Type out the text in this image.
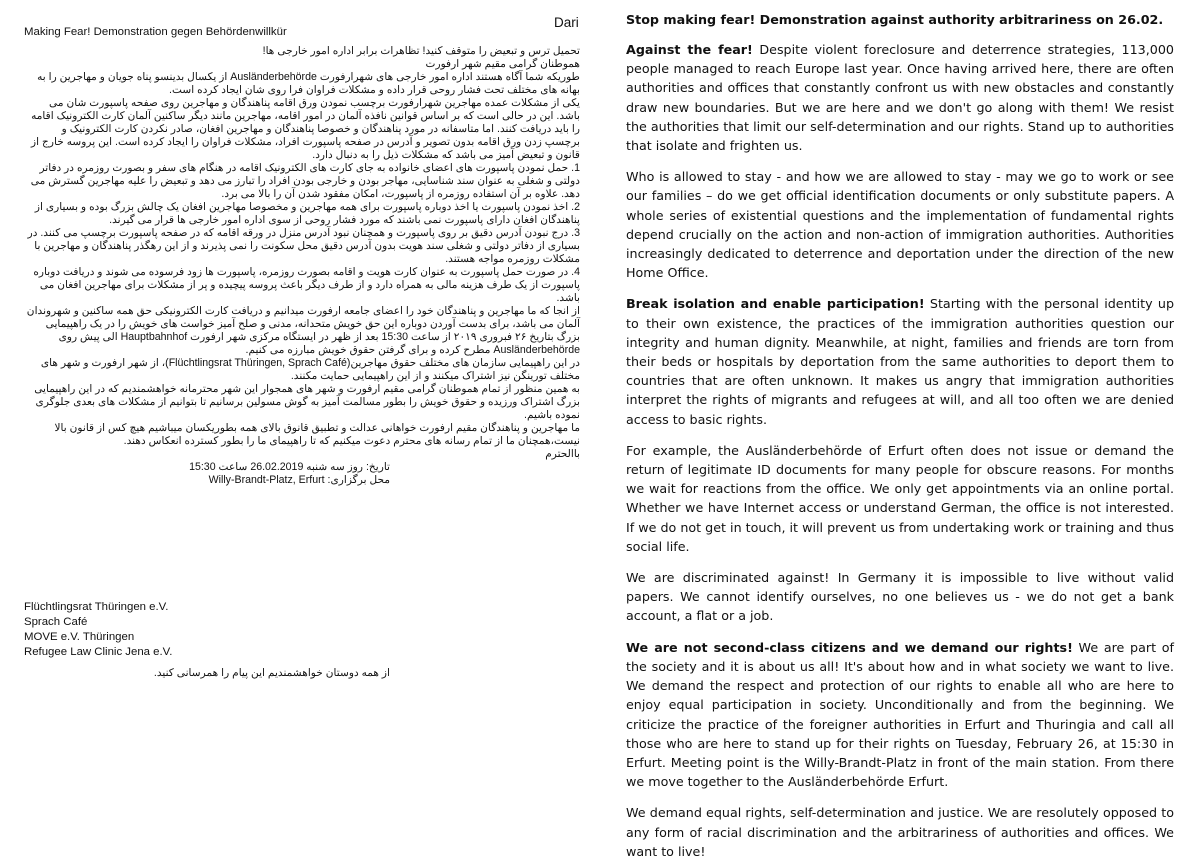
Dari
Making Fear! Demonstration gegen Behördenwillkür

تحمیل ترس و تبعیض را متوقف کنید! تظاهرات برابر اداره امور خارجی ها!

هموطنان گرامی مقیم شهر ارفورت

طوریکه شما آگاه هستند اداره امور خارجی های شهرارفورت Ausländerbehörde از یکسال بدینسو پناه جویان و مهاجرین را به بهانه های مختلف تحت فشار روحی قرار داده و مشکلات فراوان فرا روی شان ایجاد کرده است.

یکی از مشکلات عمده مهاجرین شهرارفورت برچسب نمودن ورق اقامه پناهندگان و مهاجرین روی صفحه پاسپورت شان می باشد. این در حالی است که بر اساس قوانین نافذه آلمان در امور اقامه، مهاجرین مانند دیگر ساکنین آلمان کارت الکترونیک اقامه را باید دریافت کنند. اما متاسفانه در مورد پناهندگان و خصوصا پناهندگان و مهاجرین افغان، صادر نکردن کارت الکترونیک و برچسپ زدن ورق اقامه بدون تصویر و آدرس در صفحه پاسپورت افراد، مشکلات فراوان را ایجاد کرده است. این پروسه خارج از قانون و تبعیض آمیز می باشد که مشکلات ذیل را به دنبال دارد.

1. حمل نمودن پاسپورت های اعضای خانواده به جای کارت های الکترونیک اقامه در هنگام های سفر و بصورت روزمره در دفاتر دولتی و شغلی به عنوان سند شناسایی، مهاجر بودن و خارجی بودن افراد را تبارز می دهد و تبعیض را علیه مهاجرین گسترش می دهد. علاوه بر آن استفاده روزمره از پاسپورت، امکان مفقود شدن آن را بالا می برد.

2. اخذ نمودن پاسپورت یا اخذ دوباره پاسپورت برای همه مهاجرین و مخصوصا مهاجرین افغان یک چالش بزرگ بوده و بسیاری از پناهندگان افغان دارای پاسپورت نمی باشند که مورد فشار روحی از سوی اداره امور خارجی ها قرار می گیرند.

3. درج نبودن آدرس دقیق بر روی پاسپورت و همچنان نبود آدرس منزل در ورقه اقامه که در صفحه پاسپورت برچسپ می کنند. در بسیاری از دفاتر دولتی و شغلی سند هویت بدون آدرس دقیق محل سکونت را نمی پذیرند و از این رهگذر پناهندگان و مهاجرین با مشکلات روزمره مواجه هستند.

4. در صورت حمل پاسپورت به عنوان کارت هویت و اقامه بصورت روزمره، پاسپورت ها زود فرسوده می شوند و دریافت دوباره پاسپورت از یک طرف هزینه مالی به همراه دارد و از طرف دیگر باعث پروسه پیچیده و پر از مشکلات برای مهاجرین افغان می باشد.

از انجا که ما مهاجرین و پناهندگان خود را اعضای جامعه ارفورت میدانیم و دریافت کارت الکترونیکی حق همه ساکنین و شهروندان آلمان می باشد، برای بدست آوردن دوباره این حق خویش متحدانه، مدنی و صلح آمیز خواست های خویش را در یک راهپیمایی بزرگ بتاریخ ۲۶ فبروری ۲۰۱۹ از ساعت 15:30 بعد از ظهر در ایستگاه مرکزی شهر ارفورت Hauptbahnhof الی پیش روی Ausländerbehörde مطرح کرده و برای گرفتن حقوق خویش مبارزه می کنیم.

در این راهپیمایی سازمان های مختلف حقوق مهاجرین(Flüchtlingsrat Thüringen, Sprach Café)، از شهر ارفورت و شهر های مختلف تورینگن نیز اشتراک میکنند و از این راهپیمایی حمایت مکنند.

به همین منظور از تمام هموطنان گرامی مقیم ارفورت و شهر های همجوار این شهر محترمانه خواهشمندیم که در این راهپیمایی بزرگ اشتراک ورزیده و حقوق خویش را بطور مسالمت آمیز به گوش مسولین برسانیم تا بتوانیم از مشکلات های بعدی جلوگری نموده باشیم.

ما مهاجرین و پناهندگان مقیم ارفورت خواهانی عدالت و تطبیق قانوق بالای همه بطوریکسان میباشیم هیچ کس از قانون بالا نیست،همچنان ما از تمام رسانه های محترم دعوت میکنیم که تا راهپیمای ما را بطور کسترده انعکاس دهند.

باالحترم

تاریخ: روز سه شنبه 26.02.2019 ساعت 15:30

محل برگزاری: Willy-Brandt-Platz, Erfurt

Flüchtlingsrat Thüringen e.V.
Sprach Café
MOVE e.V. Thüringen
Refugee Law Clinic Jena e.V.
از همه دوستان خواهشمندیم این پیام را همرسانی کنید.
Stop making fear! Demonstration against authority arbitrariness on 26.02.

Against the fear! Despite violent foreclosure and deterrence strategies, 113,000 people managed to reach Europe last year. Once having arrived here, there are often authorities and offices that constantly confront us with new obstacles and constantly draw new boundaries. But we are here and we don't go along with them! We resist the authorities that limit our self-determination and our rights. Stand up to authorities that isolate and frighten us.

Who is allowed to stay - and how we are allowed to stay - may we go to work or see our families – do we get official identification documents or only substitute papers. A whole series of existential questions and the implementation of fundamental rights depend crucially on the action and non-action of immigration authorities. Authorities increasingly dedicated to deterrence and deportation under the direction of the new Home Office.

Break isolation and enable participation! Starting with the personal identity up to their own existence, the practices of the immigration authorities question our integrity and human dignity. Meanwhile, at night, families and friends are torn from their beds or hospitals by deportation from the same authorities to deport them to countries that are often unknown. It makes us angry that immigration authorities interpret the rights of migrants and refugees at will, and all too often we are denied access to basic rights.

For example, the Ausländerbehörde of Erfurt often does not issue or demand the return of legitimate ID documents for many people for obscure reasons. For months we wait for reactions from the office. We only get appointments via an online portal. Whether we have Internet access or understand German, the office is not interested. If we do not get in touch, it will prevent us from undertaking work or training and thus social life.

We are discriminated against! In Germany it is impossible to live without valid papers. We cannot identify ourselves, no one believes us - we do not get a bank account, a flat or a job.

We are not second-class citizens and we demand our rights! We are part of the society and it is about us all! It's about how and in what society we want to live. We demand the respect and protection of our rights to enable all who are here to enjoy equal participation in society. Unconditionally and from the beginning. We criticize the practice of the foreigner authorities in Erfurt and Thuringia and call all those who are here to stand up for their rights on Tuesday, February 26, at 15:30 in Erfurt. Meeting point is the Willy-Brandt-Platz in front of the main station. From there we move together to the Ausländerbehörde Erfurt.

We demand equal rights, self-determination and justice. We are resolutely opposed to any form of racial discrimination and the arbitrariness of authorities and offices. We want to live!
